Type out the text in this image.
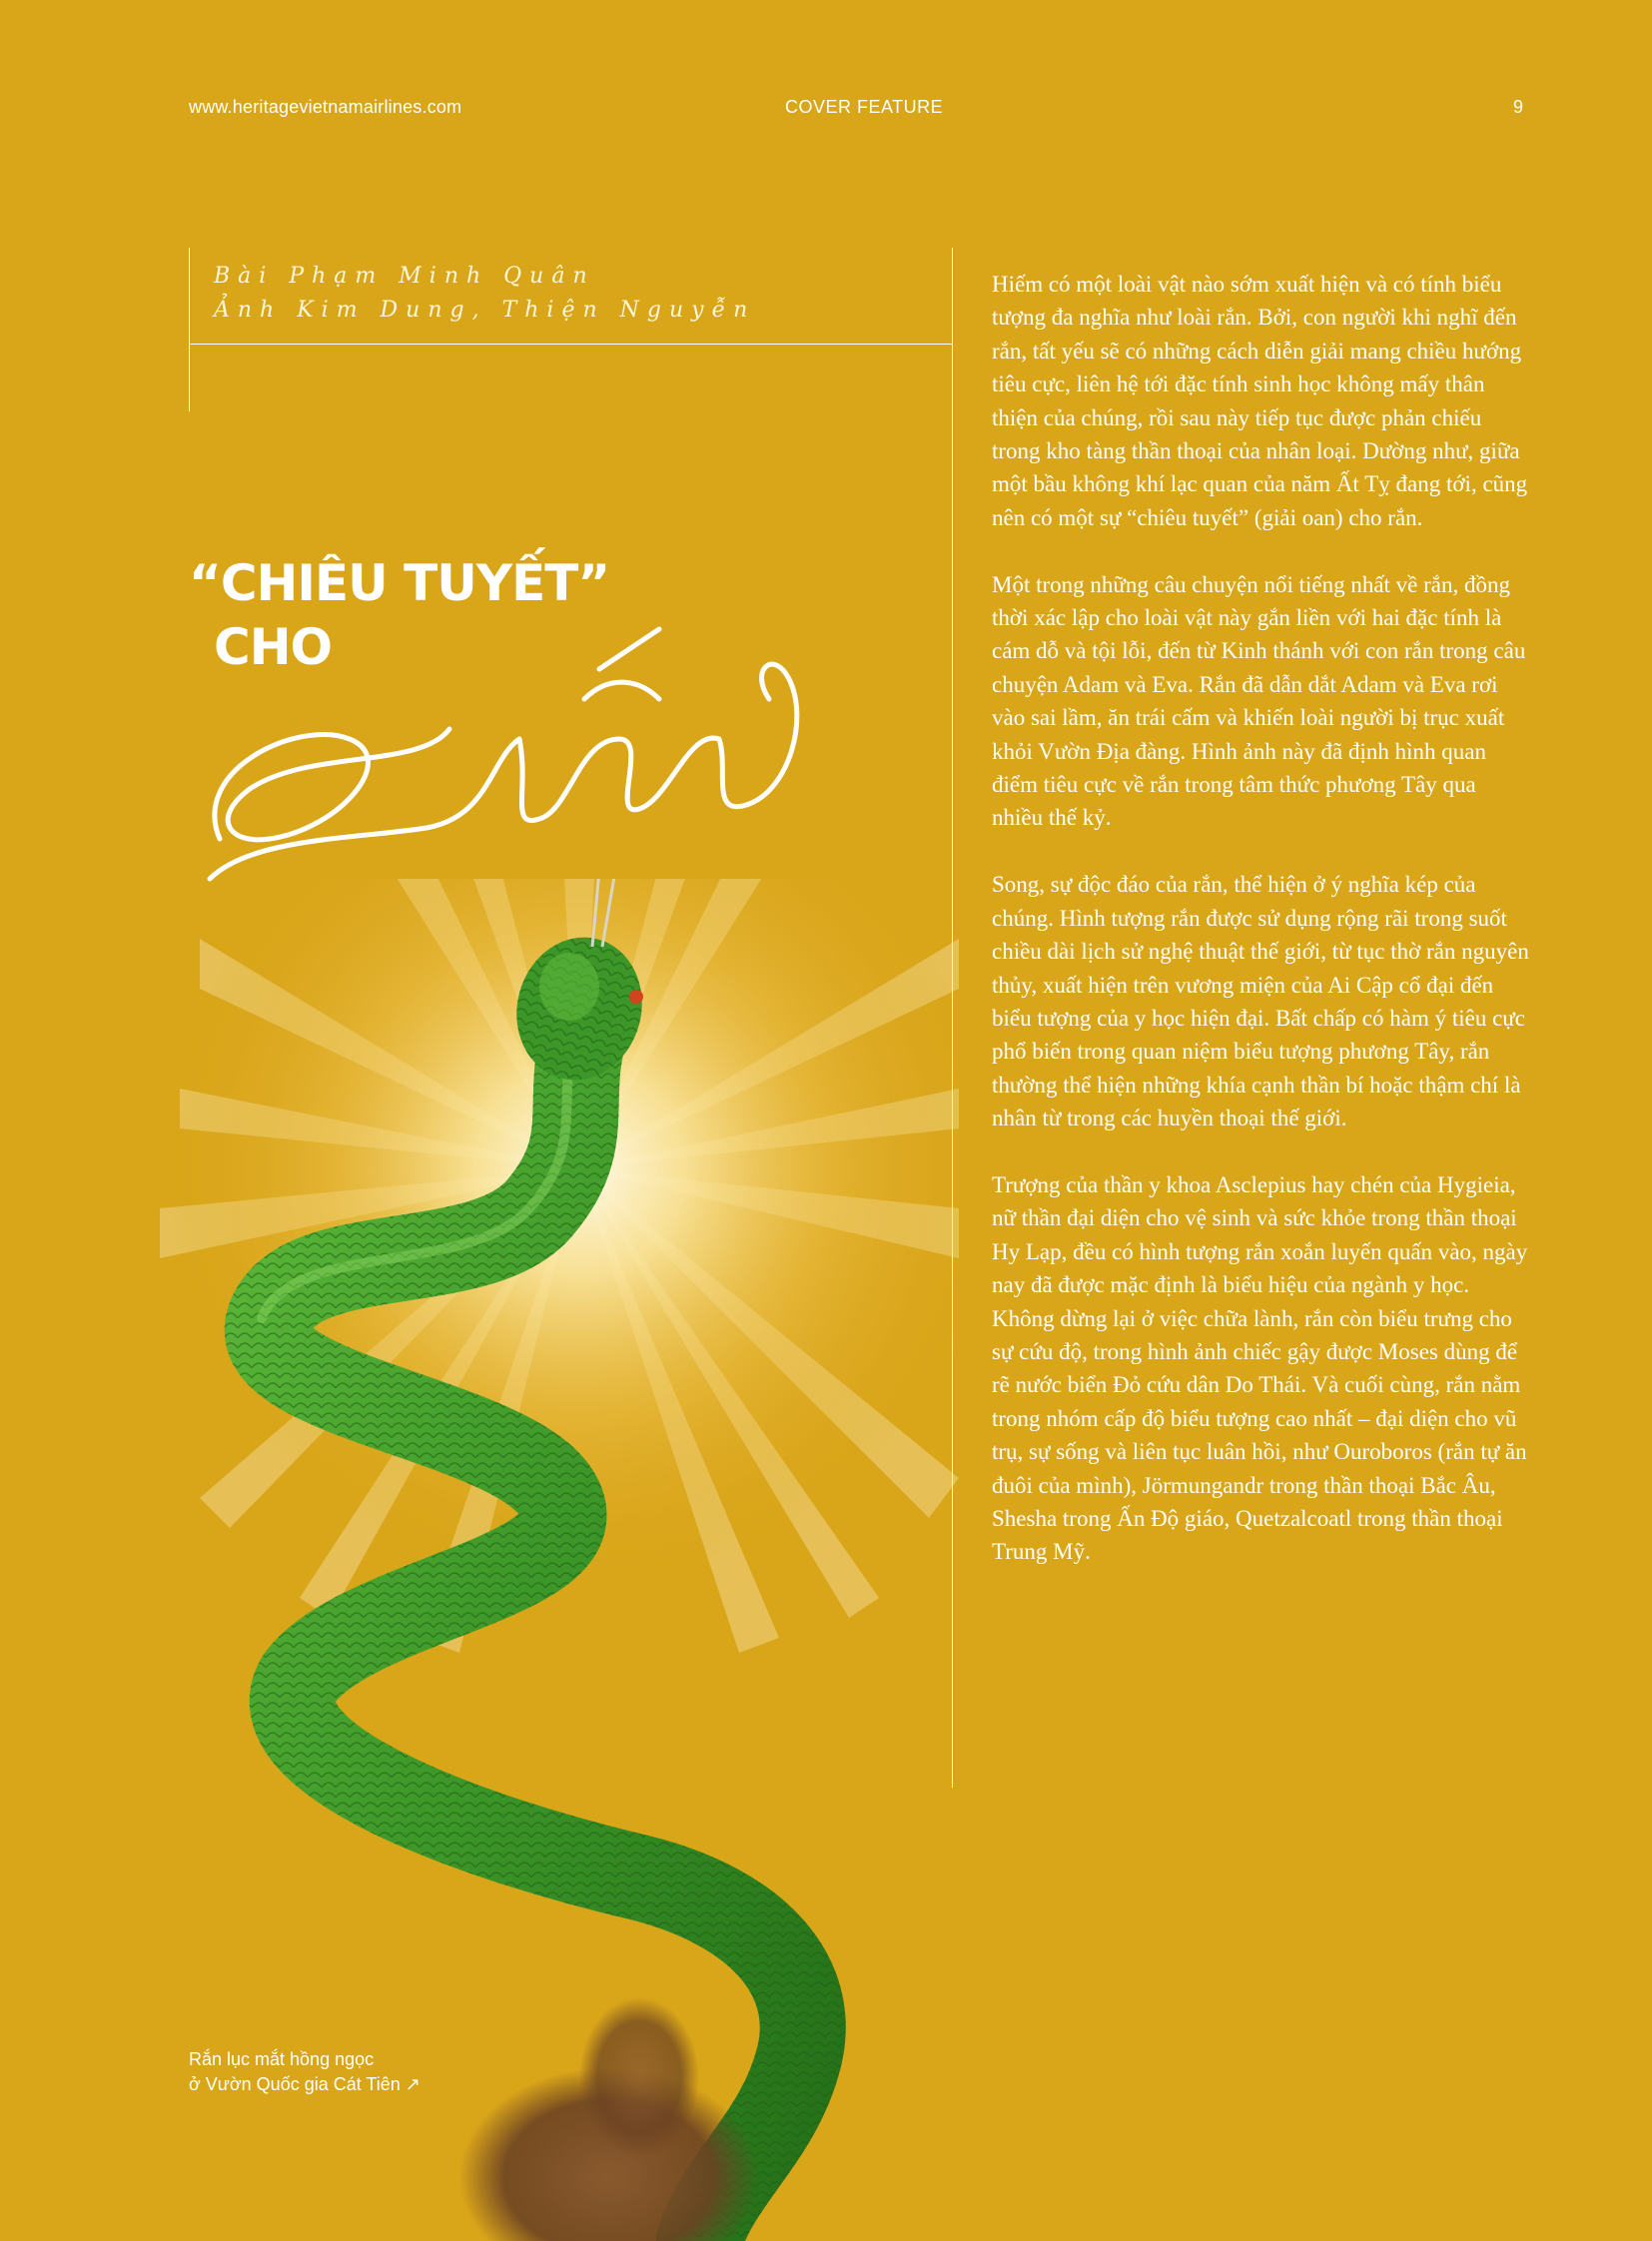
www.heritagevietnamairlines.com	COVER FEATURE	9
Bài Phạm Minh Quân
Ảnh Kim Dung, Thiện Nguyễn
“CHIÊU TUYẾT”
CHO
Rắn lục mắt hồng ngọc
ở Vườn Quốc gia Cát Tiên ↗

Hiếm có một loài vật nào sớm xuất hiện và có tính biểu tượng đa nghĩa như loài rắn. Bởi, con người khi nghĩ đến rắn, tất yếu sẽ có những cách diễn giải mang chiều hướng tiêu cực, liên hệ tới đặc tính sinh học không mấy thân thiện của chúng, rồi sau này tiếp tục được phản chiếu trong kho tàng thần thoại của nhân loại. Dường như, giữa một bầu không khí lạc quan của năm Ất Tỵ đang tới, cũng nên có một sự “chiêu tuyết” (giải oan) cho rắn.

Một trong những câu chuyện nổi tiếng nhất về rắn, đồng thời xác lập cho loài vật này gắn liền với hai đặc tính là cám dỗ và tội lỗi, đến từ Kinh thánh với con rắn trong câu chuyện Adam và Eva. Rắn đã dẫn dắt Adam và Eva rơi vào sai lầm, ăn trái cấm và khiến loài người bị trục xuất khỏi Vườn Địa đàng. Hình ảnh này đã định hình quan điểm tiêu cực về rắn trong tâm thức phương Tây qua nhiều thế kỷ.

Song, sự độc đáo của rắn, thể hiện ở ý nghĩa kép của chúng. Hình tượng rắn được sử dụng rộng rãi trong suốt chiều dài lịch sử nghệ thuật thế giới, từ tục thờ rắn nguyên thủy, xuất hiện trên vương miện của Ai Cập cổ đại đến biểu tượng của y học hiện đại. Bất chấp có hàm ý tiêu cực phổ biến trong quan niệm biểu tượng phương Tây, rắn thường thể hiện những khía cạnh thần bí hoặc thậm chí là nhân từ trong các huyền thoại thế giới.

Trượng của thần y khoa Asclepius hay chén của Hygieia, nữ thần đại diện cho vệ sinh và sức khỏe trong thần thoại Hy Lạp, đều có hình tượng rắn xoắn luyến quấn vào, ngày nay đã được mặc định là biểu hiệu của ngành y học. Không dừng lại ở việc chữa lành, rắn còn biểu trưng cho sự cứu độ, trong hình ảnh chiếc gậy được Moses dùng để rẽ nước biển Đỏ cứu dân Do Thái. Và cuối cùng, rắn nằm trong nhóm cấp độ biểu tượng cao nhất – đại diện cho vũ trụ, sự sống và liên tục luân hồi, như Ouroboros (rắn tự ăn đuôi của mình), Jörmungandr trong thần thoại Bắc Âu, Shesha trong Ấn Độ giáo, Quetzalcoatl trong thần thoại Trung Mỹ.
